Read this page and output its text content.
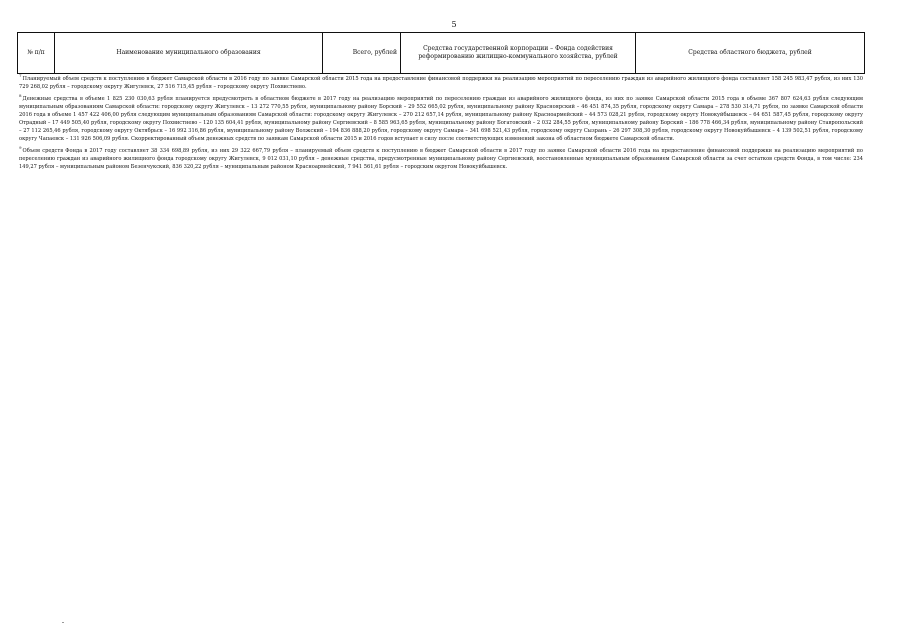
5
№ п/п	Наименование муниципального образования	Всего, рублей	Средства государственной корпорации – Фонда содействия реформированию жилищно-коммунального хозяйства, рублей	Средства областного бюджета, рублей

$^7$Планируемый объем средств к поступлению в бюджет Самарской области в 2016 году по заявке Самарской области 2015 года на предоставление финансовой поддержки на реализацию мероприятий по переселению граждан из аварийного жилищного фонда составляет 158 245 983,47 рубля, из них 130 729 268,02 рубля – городскому округу Жигулевск, 27 516 715,45 рубля – городскому округу Похвистнево.

$^8$Денежные средства в объеме 1 825 230 030,63 рубля планируется предусмотреть в областном бюджете в 2017 году на реализацию мероприятий по переселению граждан из аварийного жилищного фонда, из них по заявке Самарской области 2015 года в объеме 367 807 624,63 рубля следующим муниципальным образованиям Самарской области: городскому округу Жигулевск – 13 272 770,55 рубля, муниципальному району Борский – 29 552 665,02 рубля, муниципальному району Красноярский – 46 451 874,35 рубля, городскому округу Самара – 278 530 314,71 рубля, по заявке Самарской области 2016 года в объеме 1 457 422 406,00 рубля следующим муниципальным образованиям Самарской области: городскому округу Жигулевск – 270 212 657,14 рубля, муниципальному району Красноармейский – 44 573 028,21 рубля, городскому округу Новокуйбышевск – 64 651 587,45 рубля, городскому округу Отрадный – 17 449 505,40 рубля, городскому округу Похвистнево – 120 135 604,41 рубля, муниципальному району Сергиевский – 8 585 963,65 рубля, муниципальному району Богатовский – 2 032 284,55 рубля, муниципальному району Борский – 186 778 466,34 рубля, муниципальному району Ставропольский – 27 112 265,46 рубля, городскому округу Октябрьск – 16 992 316,86 рубля, муниципальному району Волжский – 194 836 888,20 рубля, городскому округу Самара – 341 698 521,43 рубля, городскому округу Сызрань – 26 297 308,30 рубля, городскому округу Новокуйбышевск – 4 139 502,51 рубля, городскому округу Чапаевск – 131 926 506,09 рубля. Скорректированный объем денежных средств по заявкам Самарской области 2015 и 2016 годов вступает в силу после соответствующих изменений закона об областном бюджете Самарской области.

$^9$Объем средств Фонда в 2017 году составляет 38 334 698,89 рубля, из них 29 322 667,79 рубля – планируемый объем средств к поступлению в бюджет Самарской области в 2017 году по заявке Самарской области 2016 года на предоставление финансовой поддержки на реализацию мероприятий по переселению граждан из аварийного жилищного фонда городскому округу Жигулевск, 9 012 031,10 рубля – денежные средства, предусмотренные муниципальному району Сергиевский, восстановленные муниципальным образованием Самарской области за счет остатков средств Фонда, в том числе: 234 149,27 рубля – муниципальным районом Безенчукский, 836 320,22 рубля – муниципальным районом Красноармейский, 7 941 561,61 рубля – городским округом Новокуйбышевск.
